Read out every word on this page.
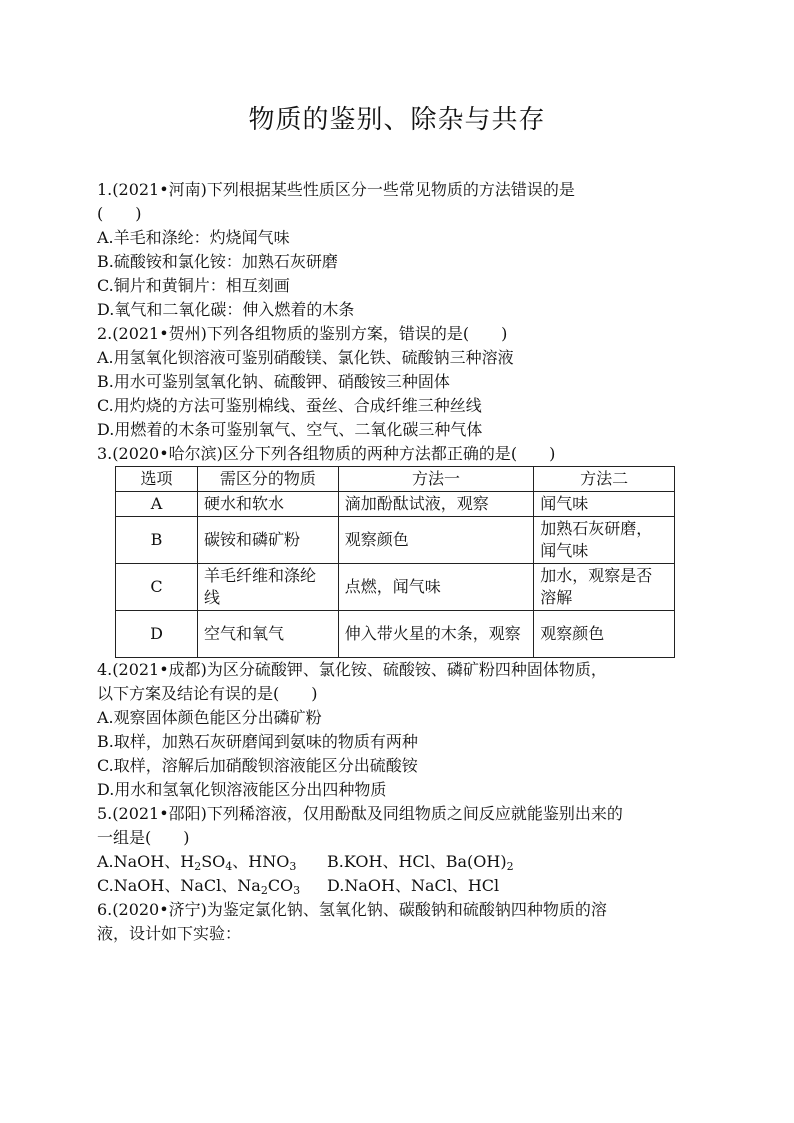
物质的鉴别、除杂与共存
1.(2021•河南)下列根据某些性质区分一些常见物质的方法错误的是
(　　)
A.羊毛和涤纶：灼烧闻气味
B.硫酸铵和氯化铵：加熟石灰研磨
C.铜片和黄铜片：相互刻画
D.氧气和二氧化碳：伸入燃着的木条
2.(2021•贺州)下列各组物质的鉴别方案，错误的是(　　)
A.用氢氧化钡溶液可鉴别硝酸镁、氯化铁、硫酸钠三种溶液
B.用水可鉴别氢氧化钠、硫酸钾、硝酸铵三种固体
C.用灼烧的方法可鉴别棉线、蚕丝、合成纤维三种丝线
D.用燃着的木条可鉴别氧气、空气、二氧化碳三种气体
3.(2020•哈尔滨)区分下列各组物质的两种方法都正确的是(　　)
选项	需区分的物质	方法一	方法二
A	硬水和软水	滴加酚酞试液，观察	闻气味
B	碳铵和磷矿粉	观察颜色	加熟石灰研磨，闻气味
C	羊毛纤维和涤纶线	点燃，闻气味	加水，观察是否溶解
D	空气和氧气	伸入带火星的木条，观察	观察颜色
4.(2021•成都)为区分硫酸钾、氯化铵、硫酸铵、磷矿粉四种固体物质，
以下方案及结论有误的是(　　)
A.观察固体颜色能区分出磷矿粉
B.取样，加熟石灰研磨闻到氨味的物质有两种
C.取样，溶解后加硝酸钡溶液能区分出硫酸铵
D.用水和氢氧化钡溶液能区分出四种物质
5.(2021•邵阳)下列稀溶液，仅用酚酞及同组物质之间反应就能鉴别出来的
一组是(　　)
A.NaOH、$H_2SO_4$、$HNO_3$ B.KOH、HCl、$Ba(OH)_2$
C.NaOH、NaCl、$Na_2CO_3$ D.NaOH、NaCl、HCl
6.(2020•济宁)为鉴定氯化钠、氢氧化钠、碳酸钠和硫酸钠四种物质的溶
液，设计如下实验：
